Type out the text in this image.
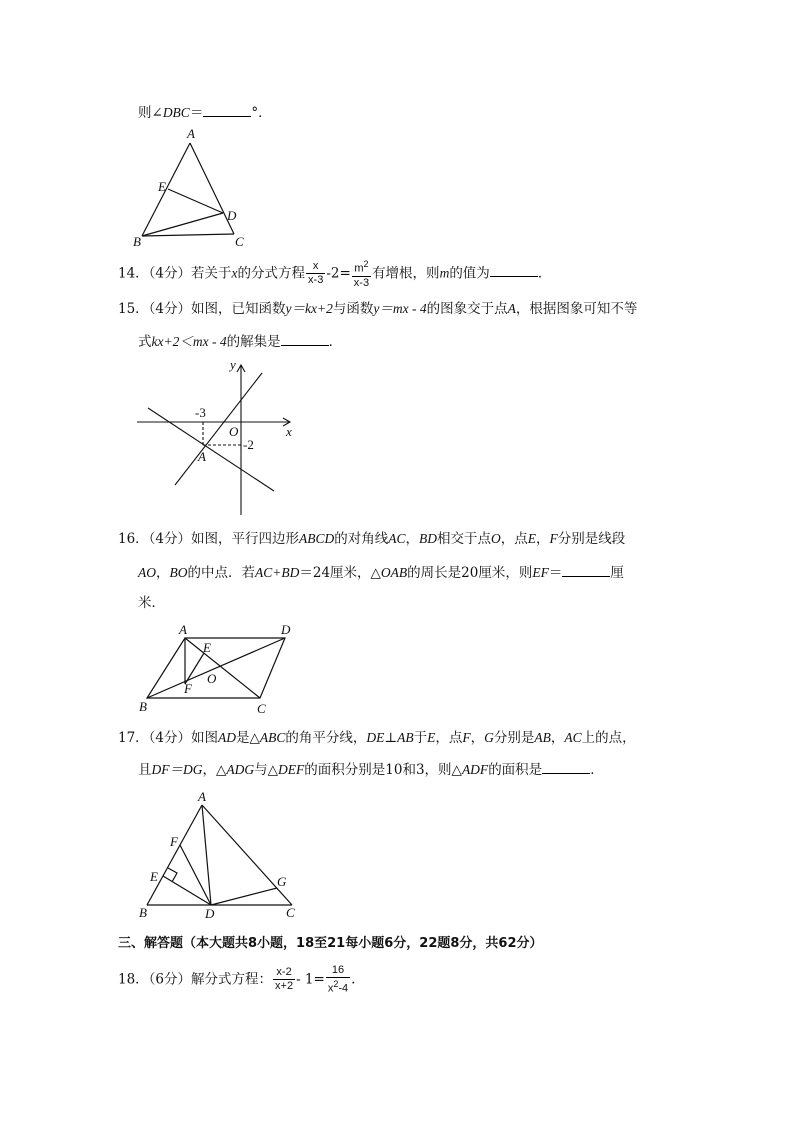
则∠DBC＝	°．
A
E
D
B	C
14．（4分）若关于x的分式方程 $\frac{x}{x-3} -2= \frac{m^2}{x-3}$ 有增根，则m的值为	．
15．（4分）如图，已知函数y＝kx+2与函数y＝mx - 4的图象交于点A，根据图象可知不等
式kx+2＜mx - 4的解集是	．
y
x
O
A
-3
-2
16．（4分）如图，平行四边形ABCD的对角线AC，BD相交于点O，点E，F分别是线段
AO，BO的中点．若AC+BD＝24厘米，△OAB的周长是20厘米，则EF＝	厘
米．
A	D
E
O
F
B	C
17．（4分）如图AD是△ABC的角平分线，DE⊥AB于E，点F，G分别是AB，AC上的点，
且DF＝DG，△ADG与△DEF的面积分别是10和3，则△ADF的面积是	．
A
F
E	G
B	D	C
三、解答题（本大题共8小题，18至21每小题6分，22题8分，共62分）
18．（6分）解分式方程： $\frac{x-2}{x+2} - 1= \frac{16}{x^2-4}$ .
